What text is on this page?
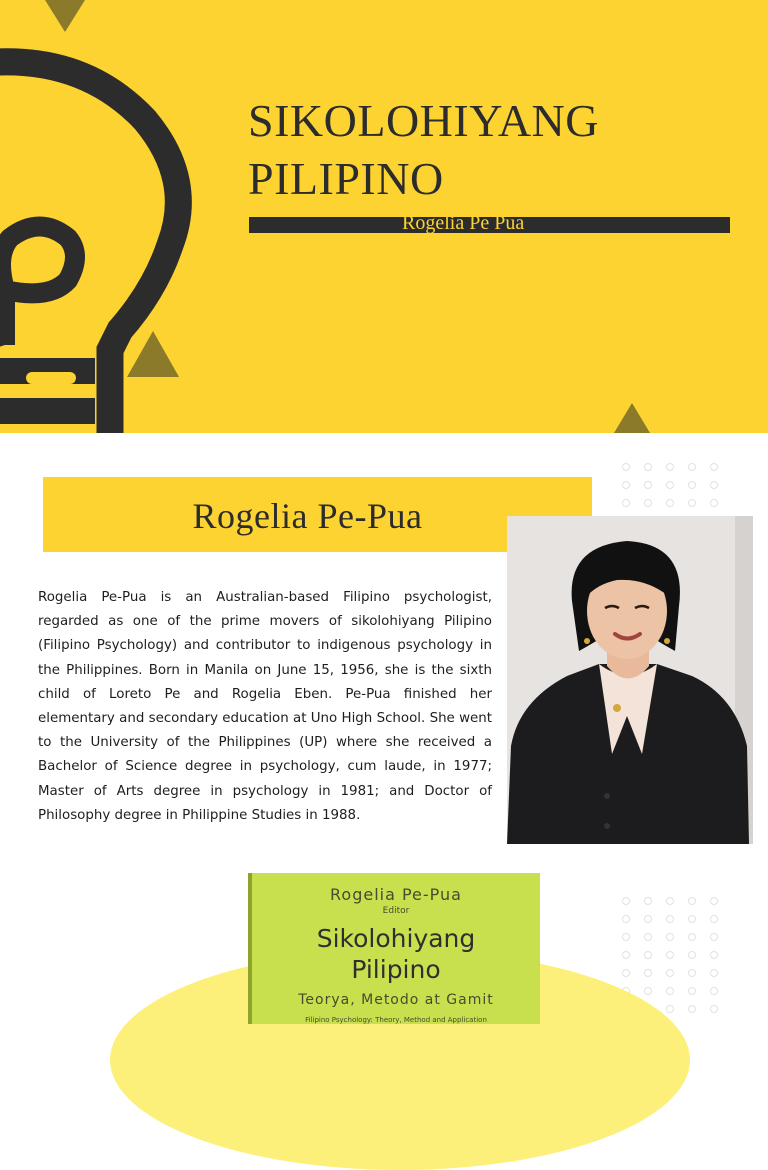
SIKOLOHIYANG
PILIPINO
Rogelia Pe Pua
Rogelia Pe-Pua

Rogelia Pe-Pua is an Australian-based Filipino psychologist, regarded as one of the prime movers of sikolohiyang Pilipino (Filipino Psychology) and contributor to indigenous psychology in the Philippines. Born in Manila on June 15, 1956, she is the sixth child of Loreto Pe and Rogelia Eben. Pe-Pua finished her elementary and secondary education at Uno High School. She went to the University of the Philippines (UP) where she received a Bachelor of Science degree in psychology, cum laude, in 1977; Master of Arts degree in psychology in 1981; and Doctor of Philosophy degree in Philippine Studies in 1988.

Rogelia Pe-Pua
Editor
Sikolohiyang
Pilipino
Teorya, Metodo at Gamit
Filipino Psychology: Theory, Method and Application
